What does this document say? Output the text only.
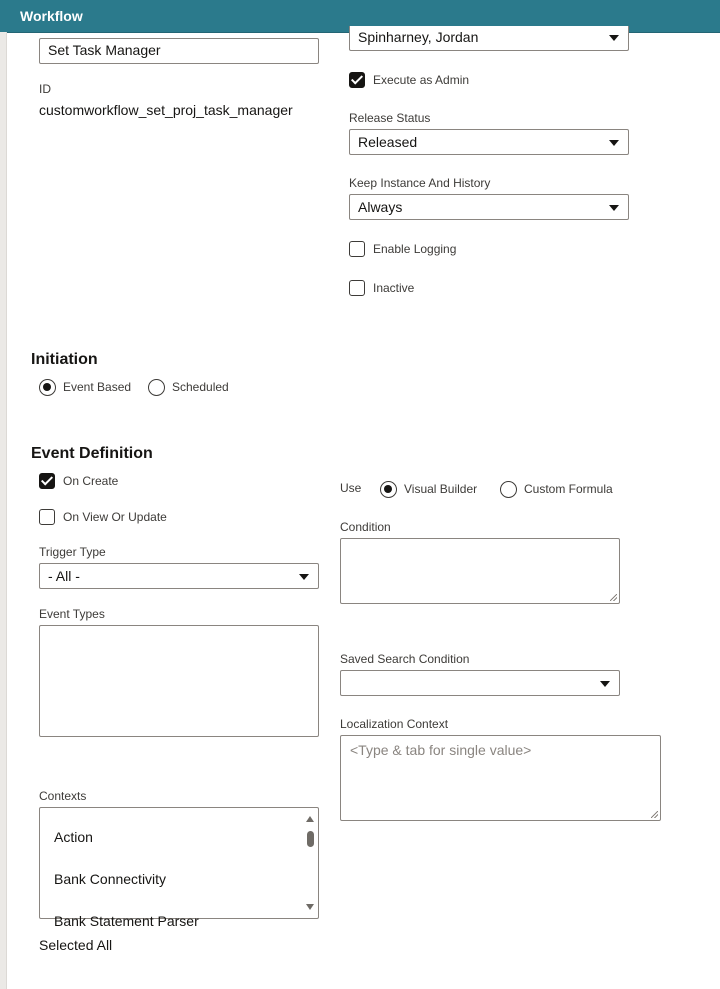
Workflow
Set Task Manager
ID
customworkflow_set_proj_task_manager
Spinharney, Jordan
Execute as Admin
Release Status
Released
Keep Instance And History
Always
Enable Logging
Inactive
Initiation
Event Based	Scheduled
Event Definition
On Create
On View Or Update
Trigger Type
- All -
Event Types
Contexts
Action
Bank Connectivity
Bank Statement Parser
Selected All
Use	Visual Builder	Custom Formula
Condition
Saved Search Condition
Localization Context
<Type & tab for single value>
